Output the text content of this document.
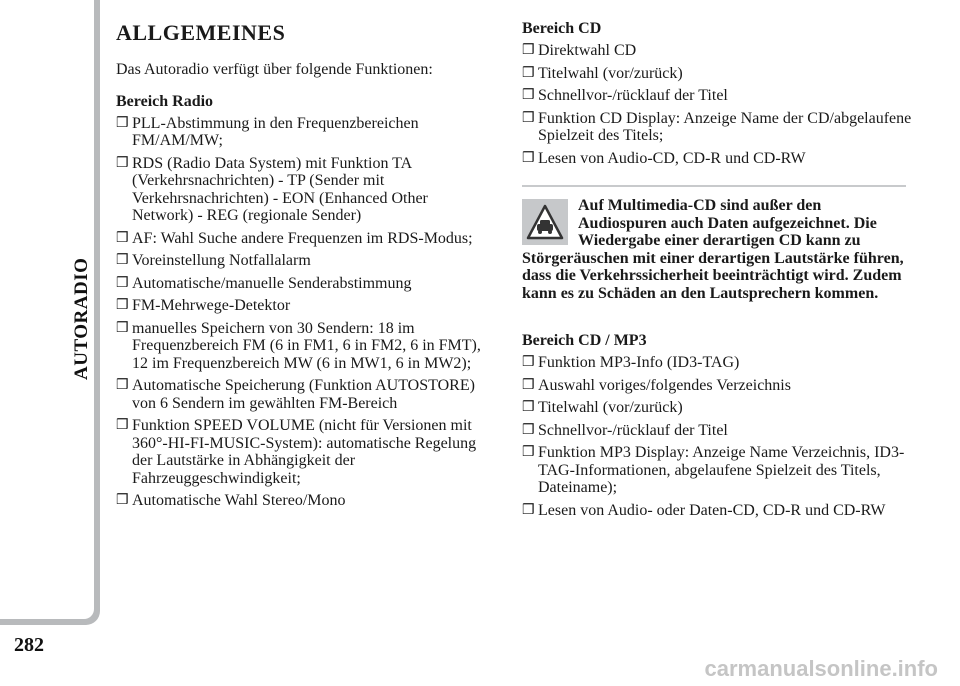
AUTORADIO
282
ALLGEMEINES

Das Autoradio verfügt über folgende Funktionen:

Bereich Radio
❒ PLL-Abstimmung in den Frequenzbereichen FM/AM/MW;
❒ RDS (Radio Data System) mit Funktion TA (Verkehrsnachrichten) - TP (Sender mit Verkehrsnachrichten) - EON (Enhanced Other Network) - REG (regionale Sender)
❒ AF: Wahl Suche andere Frequenzen im RDS-Modus;
❒ Voreinstellung Notfallalarm
❒ Automatische/manuelle Senderabstimmung
❒ FM-Mehrwege-Detektor
❒ manuelles Speichern von 30 Sendern: 18 im Frequenzbereich FM (6 in FM1, 6 in FM2, 6 in FMT), 12 im Frequenzbereich MW (6 in MW1, 6 in MW2);
❒ Automatische Speicherung (Funktion AUTOSTORE) von 6 Sendern im gewählten FM-Bereich
❒ Funktion SPEED VOLUME (nicht für Versionen mit 360°-HI-FI-MUSIC-System): automatische Regelung der Lautstärke in Abhängigkeit der Fahrzeuggeschwindigkeit;
❒ Automatische Wahl Stereo/Mono
Bereich CD
❒ Direktwahl CD
❒ Titelwahl (vor/zurück)
❒ Schnellvor-/rücklauf der Titel
❒ Funktion CD Display: Anzeige Name der CD/abgelaufene Spielzeit des Titels;
❒ Lesen von Audio-CD, CD-R und CD-RW
Auf Multimedia-CD sind außer den Audiospuren auch Daten aufgezeichnet. Die Wiedergabe einer derartigen CD kann zu Störgeräuschen mit einer derartigen Lautstärke führen, dass die Verkehrssicherheit beeinträchtigt wird. Zudem kann es zu Schäden an den Lautsprechern kommen.
Bereich CD / MP3
❒ Funktion MP3-Info (ID3-TAG)
❒ Auswahl voriges/folgendes Verzeichnis
❒ Titelwahl (vor/zurück)
❒ Schnellvor-/rücklauf der Titel
❒ Funktion MP3 Display: Anzeige Name Verzeichnis, ID3-TAG-Informationen, abgelaufene Spielzeit des Titels, Dateiname);
❒ Lesen von Audio- oder Daten-CD, CD-R und CD-RW
carmanualsonline.info
